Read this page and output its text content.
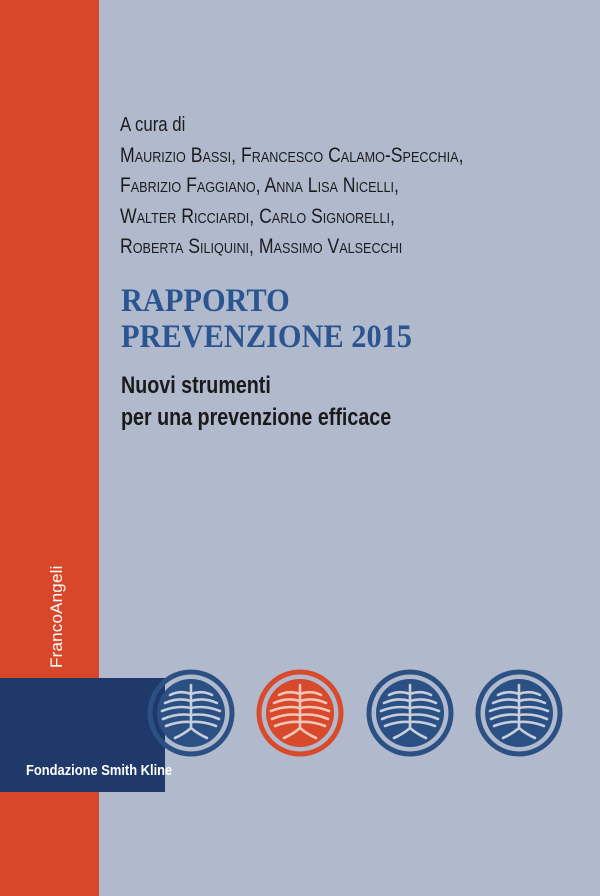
FrancoAngeli
A cura di
Maurizio Bassi, Francesco Calamo-Specchia,
Fabrizio Faggiano, Anna Lisa Nicelli,
Walter Ricciardi, Carlo Signorelli,
Roberta Siliquini, Massimo Valsecchi
RAPPORTO
PREVENZIONE 2015
Nuovi strumenti
per una prevenzione efficace
Fondazione Smith Kline
